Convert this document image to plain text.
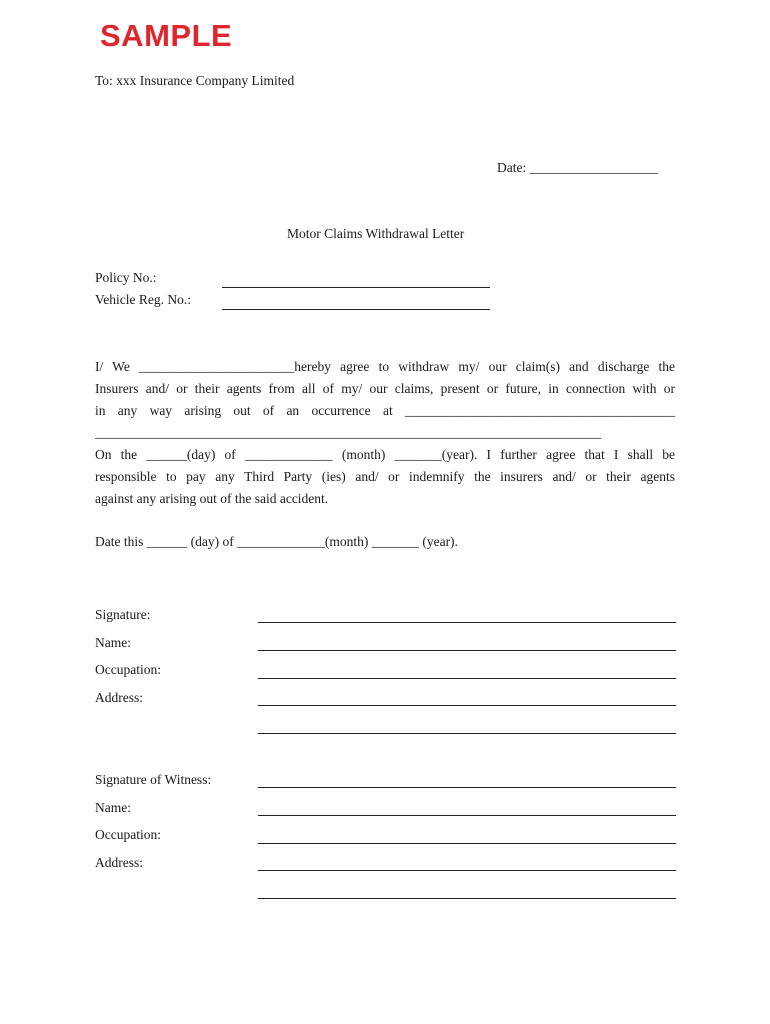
SAMPLE
To: xxx Insurance Company Limited
Date: ___________________
Motor Claims Withdrawal Letter
Policy No.:
Vehicle Reg. No.:
I/ We _______________________hereby agree to withdraw my/ our claim(s) and discharge the
Insurers and/ or their agents from all of my/ our claims, present or future, in connection with or
in any way arising out of an occurrence at ________________________________________
___________________________________________________________________________
On the ______(day) of _____________ (month) _______(year). I further agree that I shall be
responsible to pay any Third Party (ies) and/ or indemnify the insurers and/ or their agents
against any arising out of the said accident.
Date this ______ (day) of _____________(month) _______ (year).
Signature:
Name:
Occupation:
Address:
Signature of Witness:
Name:
Occupation:
Address:
